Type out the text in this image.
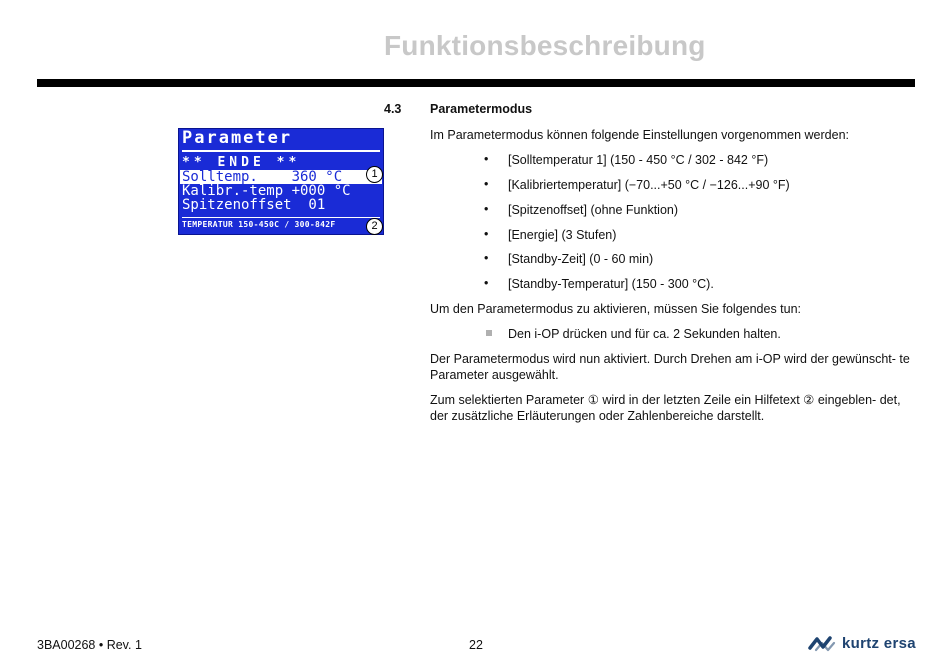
Funktionsbeschreibung
Parameter
** ENDE **
Solltemp.    360 °C
Kalibr.-temp +000 °C
Spitzenoffset  01
TEMPERATUR 150-450C / 300-842F
1
2
4.3 Parametermodus
Im Parametermodus können folgende Einstellungen vorgenommen werden:
• [Solltemperatur 1] (150 - 450 °C / 302 - 842 °F)
• [Kalibriertemperatur] (−70...+50 °C / −126...+90 °F)
• [Spitzenoffset] (ohne Funktion)
• [Energie] (3 Stufen)
• [Standby-Zeit] (0 - 60 min)
• [Standby-Temperatur] (150 - 300 °C).
Um den Parametermodus zu aktivieren, müssen Sie folgendes tun:
Den i-OP drücken und für ca. 2 Sekunden halten.
Der Parametermodus wird nun aktiviert. Durch Drehen am i-OP wird der gewünscht- te Parameter ausgewählt.
Zum selektierten Parameter ① wird in der letzten Zeile ein Hilfetext ② eingeblen- det, der zusätzliche Erläuterungen oder Zahlenbereiche darstellt.
3BA00268 • Rev. 1	22	kurtz ersa
